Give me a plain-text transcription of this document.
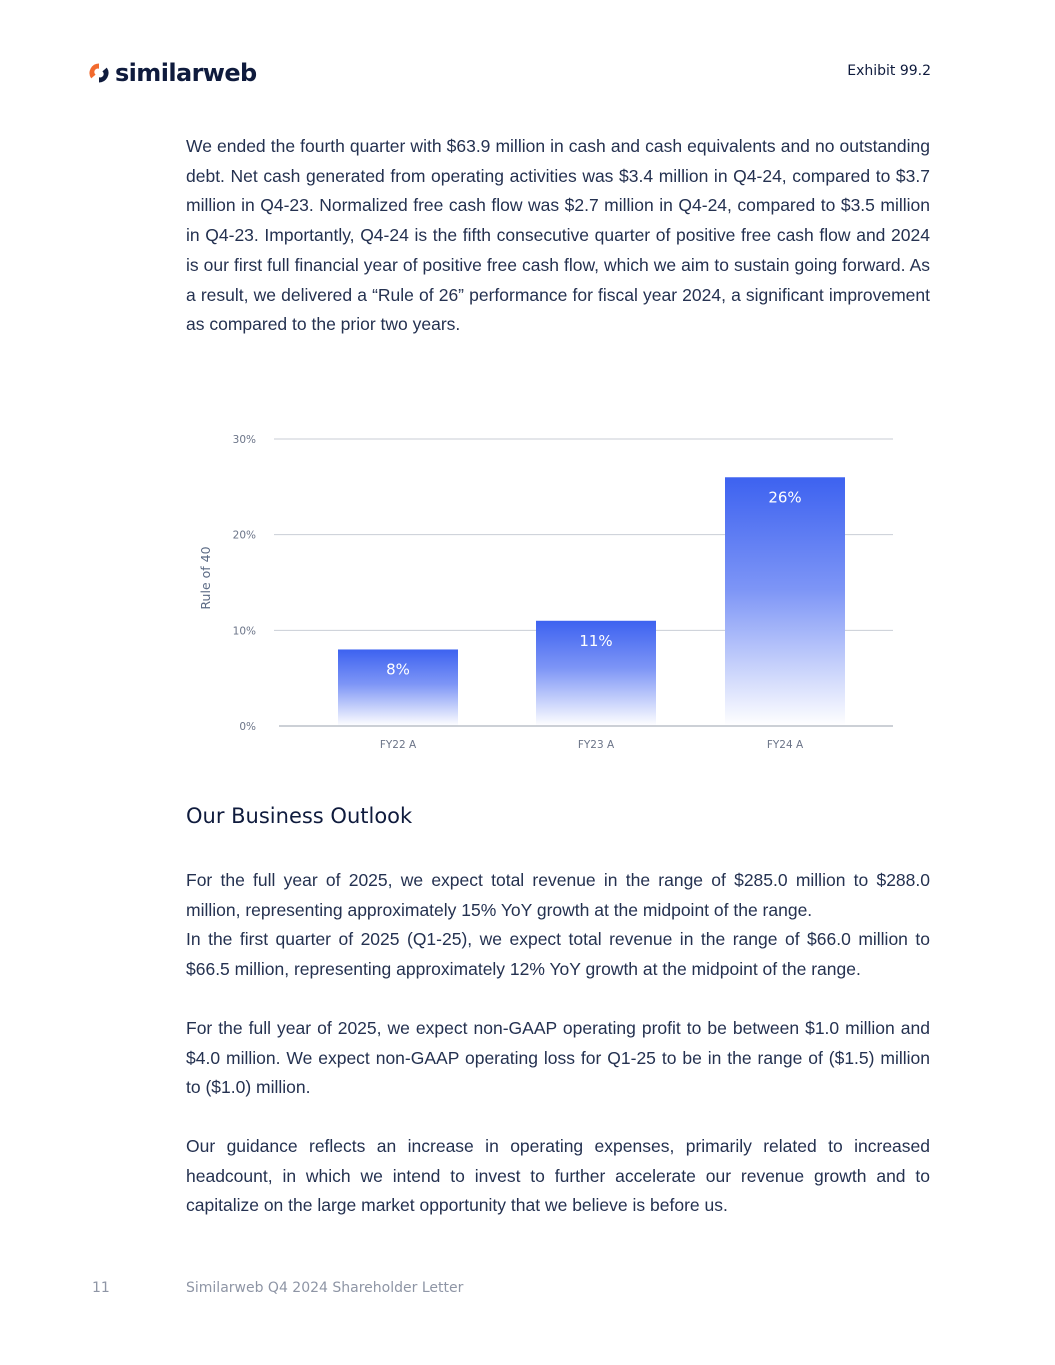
similarweb	Exhibit 99.2

We ended the fourth quarter with $63.9 million in cash and cash equivalents and no outstanding debt. Net cash generated from operating activities was $3.4 million in Q4-24, compared to $3.7 million in Q4-23. Normalized free cash flow was $2.7 million in Q4-24, compared to $3.5 million in Q4-23. Importantly, Q4-24 is the fifth consecutive quarter of positive free cash flow and 2024 is our first full financial year of positive free cash flow, which we aim to sustain going forward. As a result, we delivered a “Rule of 26” performance for fiscal year 2024, a significant improvement as compared to the prior two years.

0%
10%
20%
30%
8%
FY22 A
11%
FY23 A
26%
FY24 A
Rule of 40
Our Business Outlook
For the full year of 2025, we expect total revenue in the range of $285.0 million to $288.0 million, representing approximately 15% YoY growth at the midpoint of the range.
In the first quarter of 2025 (Q1-25), we expect total revenue in the range of $66.0 million to $66.5 million, representing approximately 12% YoY growth at the midpoint of the range.

For the full year of 2025, we expect non-GAAP operating profit to be between $1.0 million and $4.0 million. We expect non-GAAP operating loss for Q1-25 to be in the range of ($1.5) million to ($1.0) million.

Our guidance reflects an increase in operating expenses, primarily related to increased headcount, in which we intend to invest to further accelerate our revenue growth and to capitalize on the large market opportunity that we believe is before us.

11	Similarweb Q4 2024 Shareholder Letter
